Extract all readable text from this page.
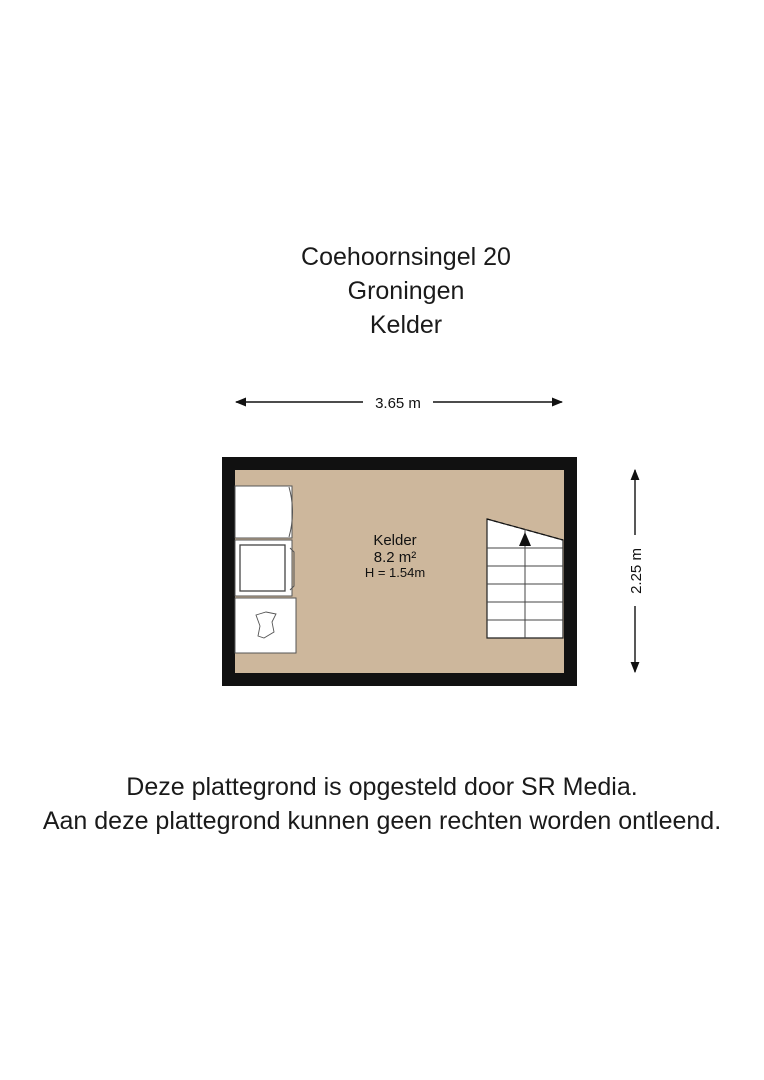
Coehoornsingel 20
Groningen
Kelder
3.65 m
2.25 m
Kelder
8.2 m²
H = 1.54m
Deze plattegrond is opgesteld door SR Media.
Aan deze plattegrond kunnen geen rechten worden ontleend.
